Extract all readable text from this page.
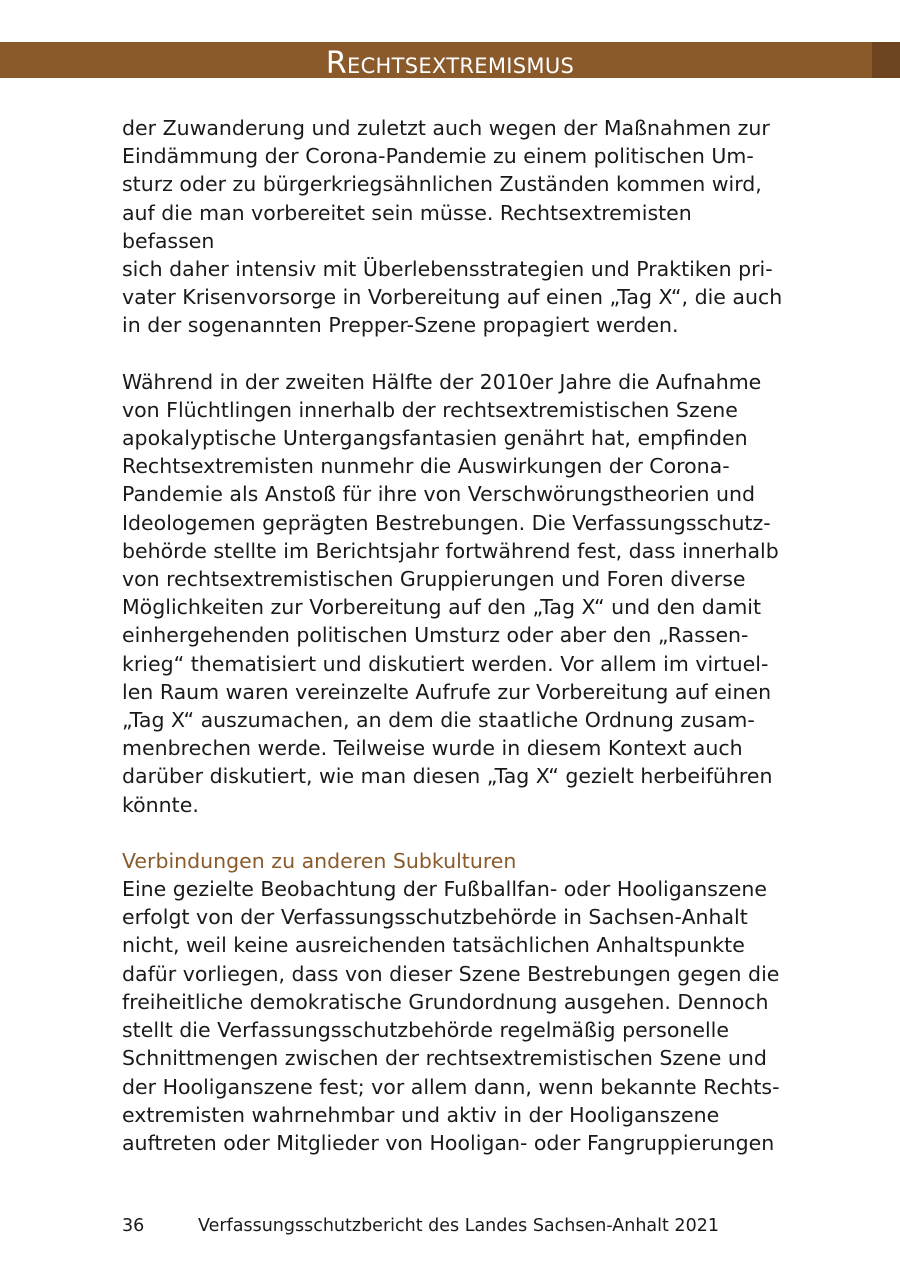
Rechtsextremismus

der Zuwanderung und zuletzt auch wegen der Maßnahmen zur
Eindämmung der Corona-Pandemie zu einem politischen Um-
sturz oder zu bürgerkriegsähnlichen Zuständen kommen wird,
auf die man vorbereitet sein müsse. Rechtsextremisten befassen
sich daher intensiv mit Überlebensstrategien und Praktiken pri-
vater Krisenvorsorge in Vorbereitung auf einen „Tag X“, die auch
in der sogenannten Prepper-Szene propagiert werden.

Während in der zweiten Hälfte der 2010er Jahre die Aufnahme
von Flüchtlingen innerhalb der rechtsextremistischen Szene
apokalyptische Untergangsfantasien genährt hat, empfinden
Rechtsextremisten nunmehr die Auswirkungen der Corona-
Pandemie als Anstoß für ihre von Verschwörungstheorien und
Ideologemen geprägten Bestrebungen. Die Verfassungsschutz-
behörde stellte im Berichtsjahr fortwährend fest, dass innerhalb
von rechtsextremistischen Gruppierungen und Foren diverse
Möglichkeiten zur Vorbereitung auf den „Tag X“ und den damit
einhergehenden politischen Umsturz oder aber den „Rassen-
krieg“ thematisiert und diskutiert werden. Vor allem im virtuel-
len Raum waren vereinzelte Aufrufe zur Vorbereitung auf einen
„Tag X“ auszumachen, an dem die staatliche Ordnung zusam-
menbrechen werde. Teilweise wurde in diesem Kontext auch
darüber diskutiert, wie man diesen „Tag X“ gezielt herbeiführen
könnte.

Verbindungen zu anderen Subkulturen

Eine gezielte Beobachtung der Fußballfan- oder Hooliganszene
erfolgt von der Verfassungsschutzbehörde in Sachsen-Anhalt
nicht, weil keine ausreichenden tatsächlichen Anhaltspunkte
dafür vorliegen, dass von dieser Szene Bestrebungen gegen die
freiheitliche demokratische Grundordnung ausgehen. Dennoch
stellt die Verfassungsschutzbehörde regelmäßig personelle
Schnittmengen zwischen der rechtsextremistischen Szene und
der Hooliganszene fest; vor allem dann, wenn bekannte Rechts-
extremisten wahrnehmbar und aktiv in der Hooliganszene
auftreten oder Mitglieder von Hooligan- oder Fangruppierungen

36	Verfassungsschutzbericht des Landes Sachsen-Anhalt 2021
